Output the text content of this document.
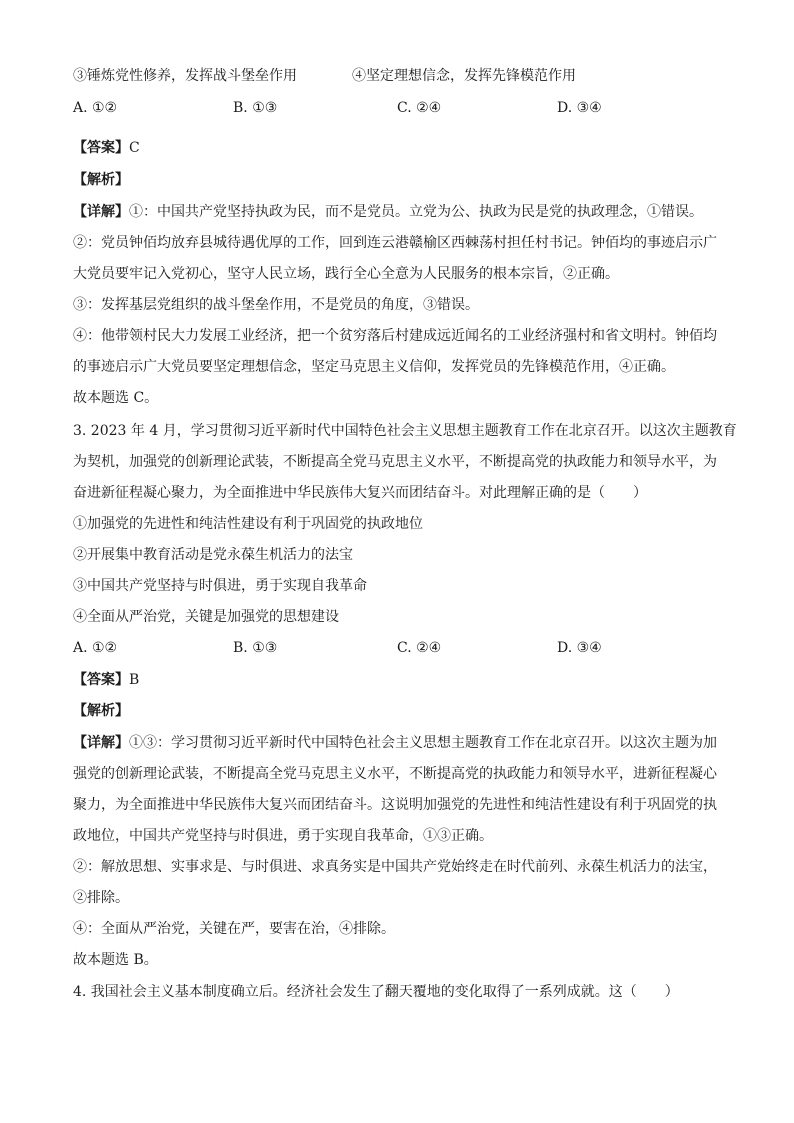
③锤炼党性修养，发挥战斗堡垒作用	④坚定理想信念，发挥先锋模范作用
A. ①②	B. ①③	C. ②④	D. ③④
【答案】C
【解析】
【详解】①：中国共产党坚持执政为民，而不是党员。立党为公、执政为民是党的执政理念，①错误。
②：党员钟佰均放弃县城待遇优厚的工作，回到连云港赣榆区西棘荡村担任村书记。钟佰均的事迹启示广
大党员要牢记入党初心，坚守人民立场，践行全心全意为人民服务的根本宗旨，②正确。
③：发挥基层党组织的战斗堡垒作用，不是党员的角度，③错误。
④：他带领村民大力发展工业经济，把一个贫穷落后村建成远近闻名的工业经济强村和省文明村。钟佰均
的事迹启示广大党员要坚定理想信念，坚定马克思主义信仰，发挥党员的先锋模范作用，④正确。
故本题选 C。
3. 2023 年 4 月，学习贯彻习近平新时代中国特色社会主义思想主题教育工作在北京召开。以这次主题教育
为契机，加强党的创新理论武装，不断提高全党马克思主义水平，不断提高党的执政能力和领导水平，为
奋进新征程凝心聚力，为全面推进中华民族伟大复兴而团结奋斗。对此理解正确的是（　　）
①加强党的先进性和纯洁性建设有利于巩固党的执政地位
②开展集中教育活动是党永葆生机活力的法宝
③中国共产党坚持与时俱进，勇于实现自我革命
④全面从严治党，关键是加强党的思想建设
A. ①②	B. ①③	C. ②④	D. ③④
【答案】B
【解析】
【详解】①③：学习贯彻习近平新时代中国特色社会主义思想主题教育工作在北京召开。以这次主题为加
强党的创新理论武装，不断提高全党马克思主义水平，不断提高党的执政能力和领导水平，进新征程凝心
聚力，为全面推进中华民族伟大复兴而团结奋斗。这说明加强党的先进性和纯洁性建设有利于巩固党的执
政地位，中国共产党坚持与时俱进，勇于实现自我革命，①③正确。
②：解放思想、实事求是、与时俱进、求真务实是中国共产党始终走在时代前列、永葆生机活力的法宝，
②排除。
④：全面从严治党，关键在严，要害在治，④排除。
故本题选 B。
4. 我国社会主义基本制度确立后。经济社会发生了翻天覆地的变化取得了一系列成就。这（　　）
